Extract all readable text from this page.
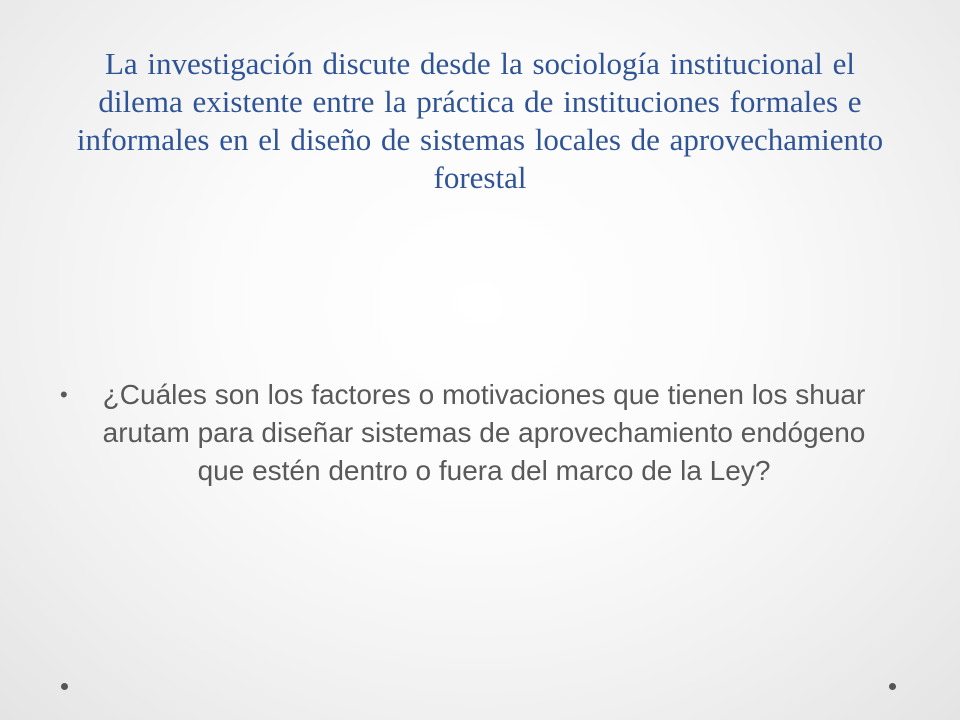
La investigación discute desde la sociología institucional el dilema existente entre la práctica de instituciones formales e informales en el diseño de sistemas locales de aprovechamiento forestal
• ¿Cuáles son los factores o motivaciones que tienen los shuar arutam para diseñar sistemas de aprovechamiento endógeno que estén dentro o fuera del marco de la Ley?
